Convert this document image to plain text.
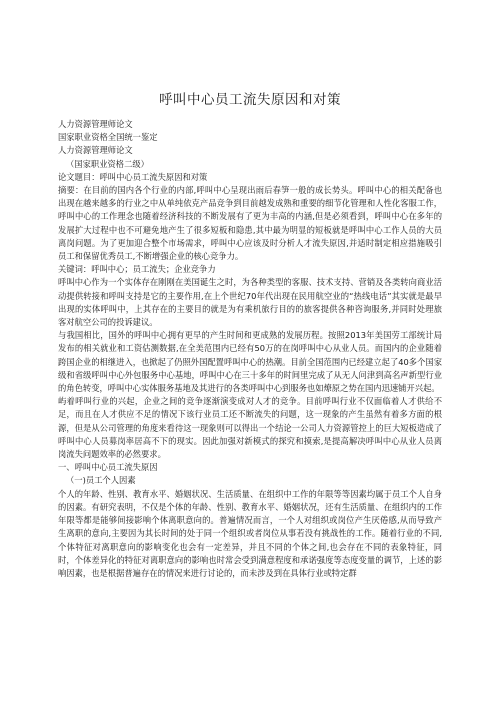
呼叫中心员工流失原因和对策
人力资源管理师论文
国家职业资格全国统一鉴定
人力资源管理师论文
（国家职业资格二级）
论文题目：呼叫中心员工流失原因和对策

摘要：在目前的国内各个行业的内部,呼叫中心呈现出雨后春笋一般的成长势头。呼叫中心的相关配备也出现在越来越多的行业之中从单纯依克产品竞争到目前越发成熟和重要的细节化管理和人性化客服工作，呼叫中心的工作理念也随着经济科技的不断发展有了更为丰高的内涵,但是必须看到，呼叫中心在多年的发展扩大过程中也不可避免地产生了很多短板和隐患,其中最为明显的短板就是呼叫中心工作人员的大员离岗问题。为了更加迎合整个市场需求，呼叫中心应该及时分析人才流失原因,并适时制定相应措施吸引员工和保留优秀员工,不断增强企业的核心竞争力。

关键词：呼叫中心；员工流失；企业竞争力

呼叫中心作为一个实体存在刚刚在美国诞生之时，为各种类型的客服、技术支持、营销及各类转向商业活动提供转接和呼叫支持是它的主要作用,在上个世纪70年代出现在民用航空业的“热线电话”其实就是最早出现的实体呼叫中，上其存在的主要目的就是为有乘机旅行目的的旅客提供各种咨询服务,并同时处理旅客对航空公司的投诉建议。

与我国相比，国外的呼叫中心拥有更早的产生时间和更成熟的发展历程。按照2013年美国劳工部统计局发布的相关就业和工资估测数据,在全美范围内已经有50万的在岗呼叫中心从业人员。而国内的企业随着跨国企业的相继进入，也掀起了仍照外国配置呼叫中心的热潮。目前全国范围内已经建立起了40多个国家级和省级呼叫中心外包服务中心基地，呼叫中心在三十多年的时间里完成了从无人问津到高名声新型行业的角色转变，呼叫中心实体服务基地及其进行的各类呼叫中心到服务也如燎原之势在国内迅速铺开兴起。

屿着呼叫行业的兴起，企业之间的竞争逐渐演变成对人才的竞争。目前呼叫行业不仅面临着人才供给不足，而且在人才供应不足的情况下该行业员工还不断流失的问题，这一现象的产生虽然有着多方面的根源，但是从公司管理的角度来看待这一现象则可以得出一个结论一公司人力资源管控上的巨大短板造成了呼叫中心人员募岗率居高不下的现实。因此加强对新模式的探究和摸索,是提高解决呼叫中心从业人员离岗流失问题效率的必然要求。

一、呼叫中心员工流失原因
（一)员工个人因素

个人的年龄、性别、教育水平、婚姻状况、生活质量、在组织中工作的年限等等因素均属于员工个人自身的因素。有研究表明，不仅是个体的年龄、性别、教育水平、婚姻状况，还有生活质量、在组织内的工作年限等都是能够间接影响个体离职意向的。普遍情况而言，一个人对组织或岗位产生厌倦感,从而导致产生离职的意向,主要因为其长时间的处于同一个组织或者岗位从事若没有挑战性的工作。随着行业的不同,个体特征对离职意向的影响变化也会有一定差异，并且不同的个体之间,也会存在不同的表象特征，同时，个体差异化的特征对离职意向的影响也时常会受到满意程度和承诺强度等态度变量的调节，上述的影响因素，也是根据普遍存在的情况来进行讨论的，而未涉及到在具体行业或特定群
